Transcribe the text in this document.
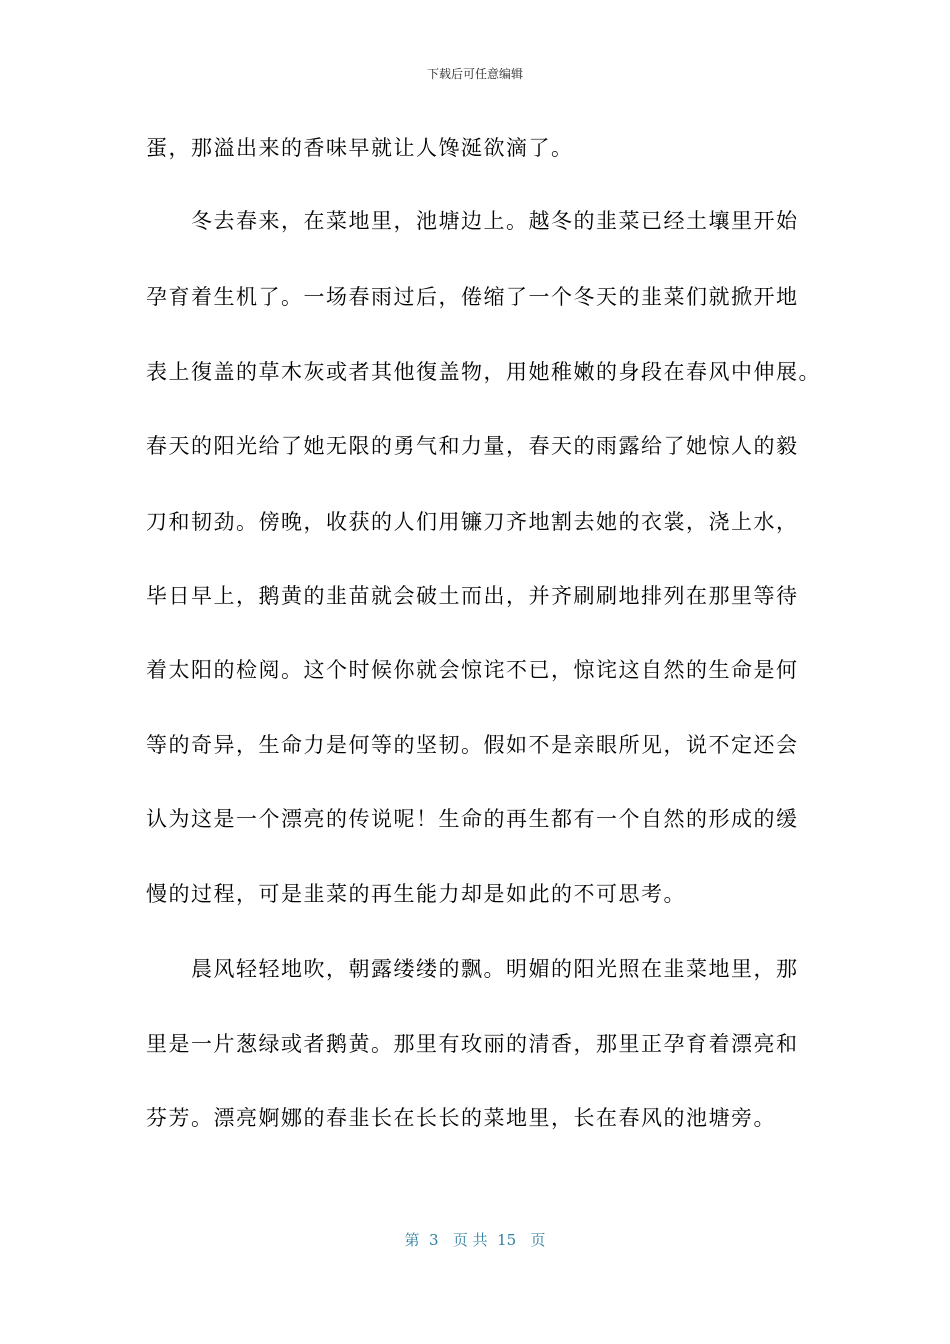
下载后可任意编辑
蛋，那溢出来的香味早就让人馋涎欲滴了。
　　冬去春来，在菜地里，池塘边上。越冬的韭菜已经土壤里开始
孕育着生机了。一场春雨过后，倦缩了一个冬天的韭菜们就掀开地
表上復盖的草木灰或者其他復盖物，用她稚嫩的身段在春风中伸展。
春天的阳光给了她无限的勇气和力量，春天的雨露给了她惊人的毅
刀和韧劲。傍晚，收获的人们用镰刀齐地割去她的衣裳，浇上水，
毕日早上，鹅黄的韭苗就会破土而出，并齐刷刷地排列在那里等待
着太阳的检阅。这个时候你就会惊诧不已，惊诧这自然的生命是何
等的奇异，生命力是何等的坚韧。假如不是亲眼所见，说不定还会
认为这是一个漂亮的传说呢！生命的再生都有一个自然的形成的缓
慢的过程，可是韭菜的再生能力却是如此的不可思考。
　　晨风轻轻地吹，朝露缕缕的飘。明媚的阳光照在韭菜地里，那
里是一片葱绿或者鹅黄。那里有玫丽的清香，那里正孕育着漂亮和
芬芳。漂亮婀娜的春韭长在长长的菜地里，长在春风的池塘旁。
第  3   页 共  15   页
